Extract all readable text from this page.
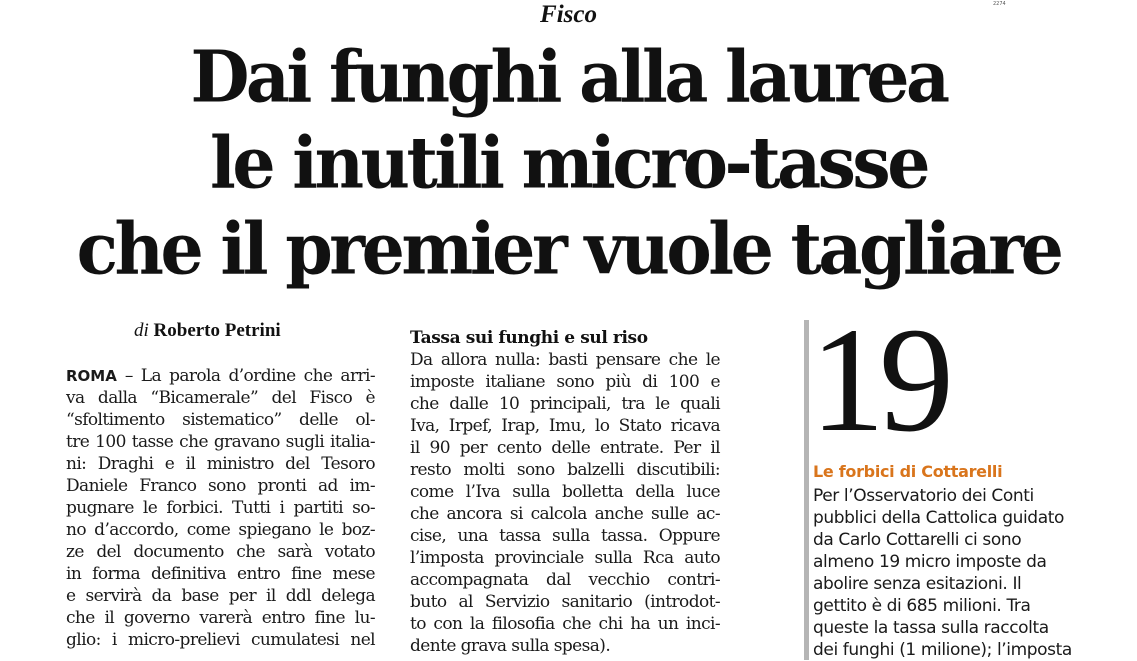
Fisco	2274
Dai funghi alla laurea
le inutili micro-tasse
che il premier vuole tagliare
di Roberto Petrini
ROMA – La parola d’ordine che arri-
va dalla “Bicamerale” del Fisco è
“sfoltimento sistematico” delle ol-
tre 100 tasse che gravano sugli italia-
ni: Draghi e il ministro del Tesoro
Daniele Franco sono pronti ad im-
pugnare le forbici. Tutti i partiti so-
no d’accordo, come spiegano le boz-
ze del documento che sarà votato
in forma definitiva entro fine mese
e servirà da base per il ddl delega
che il governo varerà entro fine lu-
glio: i micro-prelievi cumulatesi nel
Tassa sui funghi e sul riso
Da allora nulla: basti pensare che le
imposte italiane sono più di 100 e
che dalle 10 principali, tra le quali
Iva, Irpef, Irap, Imu, lo Stato ricava
il 90 per cento delle entrate. Per il
resto molti sono balzelli discutibili:
come l’Iva sulla bolletta della luce
che ancora si calcola anche sulle ac-
cise, una tassa sulla tassa. Oppure
l’imposta provinciale sulla Rca auto
accompagnata dal vecchio contri-
buto al Servizio sanitario (introdot-
to con la filosofia che chi ha un inci-
dente grava sulla spesa).
19
Le forbici di Cottarelli
Per l’Osservatorio dei Conti
pubblici della Cattolica guidato
da Carlo Cottarelli ci sono
almeno 19 micro imposte da
abolire senza esitazioni. Il
gettito è di 685 milioni. Tra
queste la tassa sulla raccolta
dei funghi (1 milione); l’imposta
